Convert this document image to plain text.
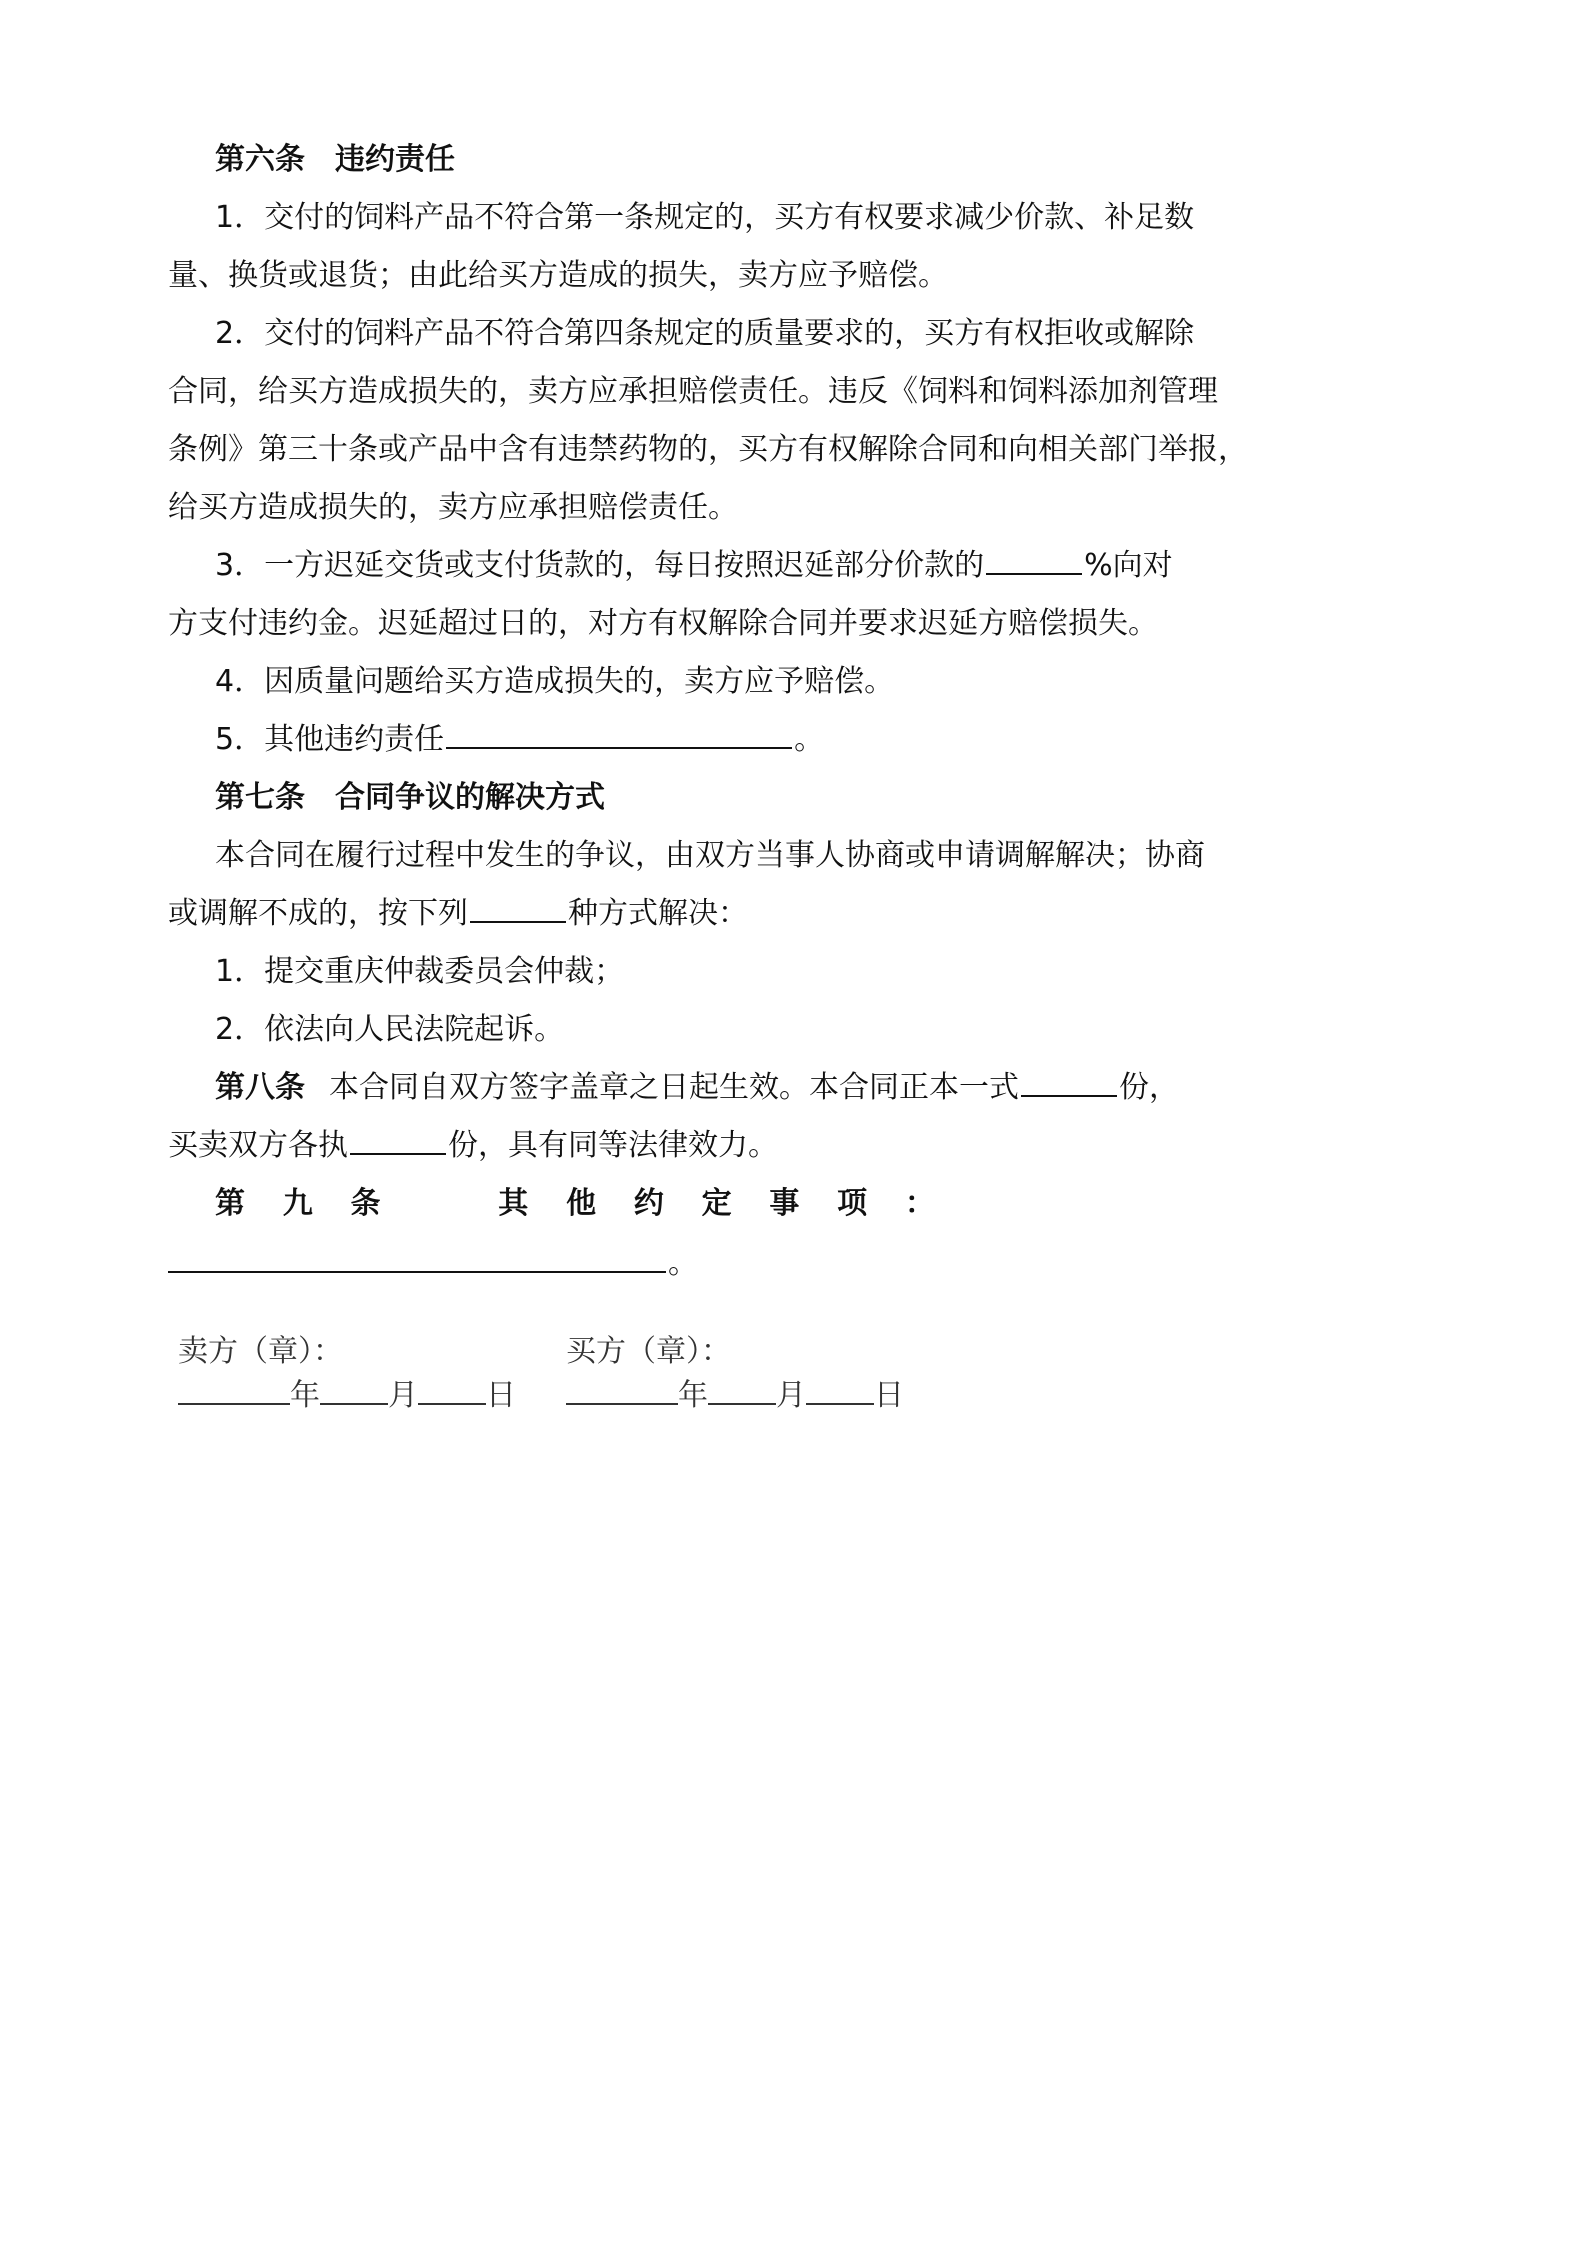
第六条　违约责任
1．交付的饲料产品不符合第一条规定的，买方有权要求减少价款、补足数
量、换货或退货；由此给买方造成的损失，卖方应予赔偿。
2．交付的饲料产品不符合第四条规定的质量要求的，买方有权拒收或解除
合同，给买方造成损失的，卖方应承担赔偿责任。违反《饲料和饲料添加剂管理
条例》第三十条或产品中含有违禁药物的，买方有权解除合同和向相关部门举报，
给买方造成损失的，卖方应承担赔偿责任。
3．一方迟延交货或支付货款的，每日按照迟延部分价款的	%向对
方支付违约金。迟延超过日的，对方有权解除合同并要求迟延方赔偿损失。
4．因质量问题给买方造成损失的，卖方应予赔偿。
5．其他违约责任	。
第七条　合同争议的解决方式
本合同在履行过程中发生的争议，由双方当事人协商或申请调解解决；协商
或调解不成的，按下列	种方式解决：
1．提交重庆仲裁委员会仲裁；
2．依法向人民法院起诉。
第八条 本合同自双方签字盖章之日起生效。本合同正本一式	份，
买卖双方各执	份，具有同等法律效力。
第 九 条	其 他 约 定 事 项 ：
。
卖方（章）：	买方（章）：
年 月 日	年 月 日
